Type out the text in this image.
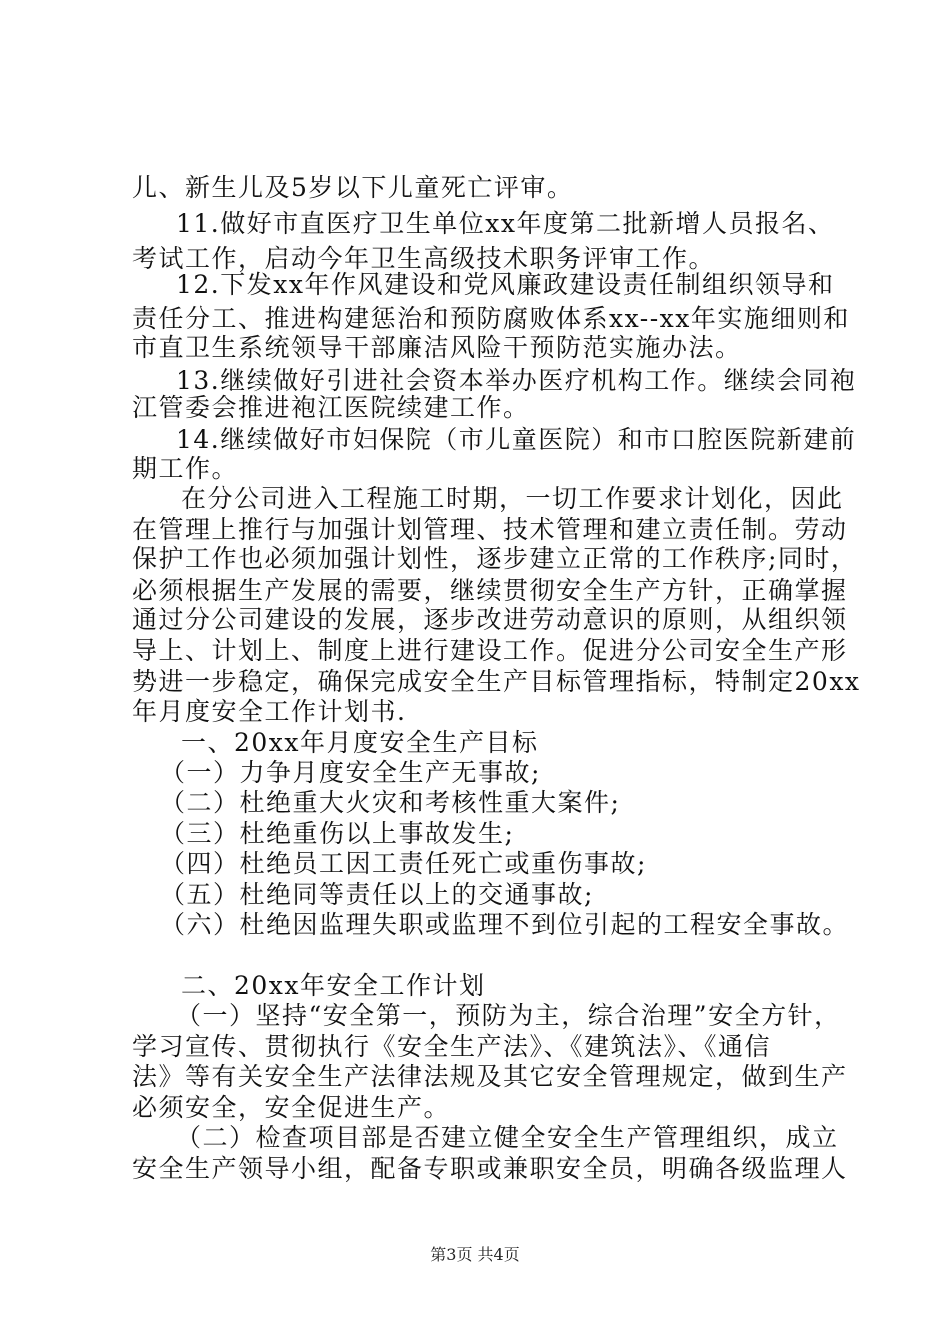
儿、新生儿及5岁以下儿童死亡评审。
11.做好市直医疗卫生单位xx年度第二批新增人员报名、
考试工作，启动今年卫生高级技术职务评审工作。
12.下发xx年作风建设和党风廉政建设责任制组织领导和
责任分工、推进构建惩治和预防腐败体系xx--xx年实施细则和
市直卫生系统领导干部廉洁风险干预防范实施办法。
13.继续做好引进社会资本举办医疗机构工作。继续会同袍
江管委会推进袍江医院续建工作。
14.继续做好市妇保院（市儿童医院）和市口腔医院新建前
期工作。
在分公司进入工程施工时期，一切工作要求计划化，因此
在管理上推行与加强计划管理、技术管理和建立责任制。劳动
保护工作也必须加强计划性，逐步建立正常的工作秩序;同时，
必须根据生产发展的需要，继续贯彻安全生产方针，正确掌握
通过分公司建设的发展，逐步改进劳动意识的原则，从组织领
导上、计划上、制度上进行建设工作。促进分公司安全生产形
势进一步稳定，确保完成安全生产目标管理指标，特制定20xx
年月度安全工作计划书.
一、20xx年月度安全生产目标
（一）力争月度安全生产无事故;
（二）杜绝重大火灾和考核性重大案件;
（三）杜绝重伤以上事故发生;
（四）杜绝员工因工责任死亡或重伤事故;
（五）杜绝同等责任以上的交通事故;
（六）杜绝因监理失职或监理不到位引起的工程安全事故。
二、20xx年安全工作计划
（一）坚持“安全第一，预防为主，综合治理”安全方针，
学习宣传、贯彻执行《安全生产法》、《建筑法》、《通信
法》等有关安全生产法律法规及其它安全管理规定，做到生产
必须安全，安全促进生产。
（二）检查项目部是否建立健全安全生产管理组织，成立
安全生产领导小组，配备专职或兼职安全员，明确各级监理人
第3页 共4页
